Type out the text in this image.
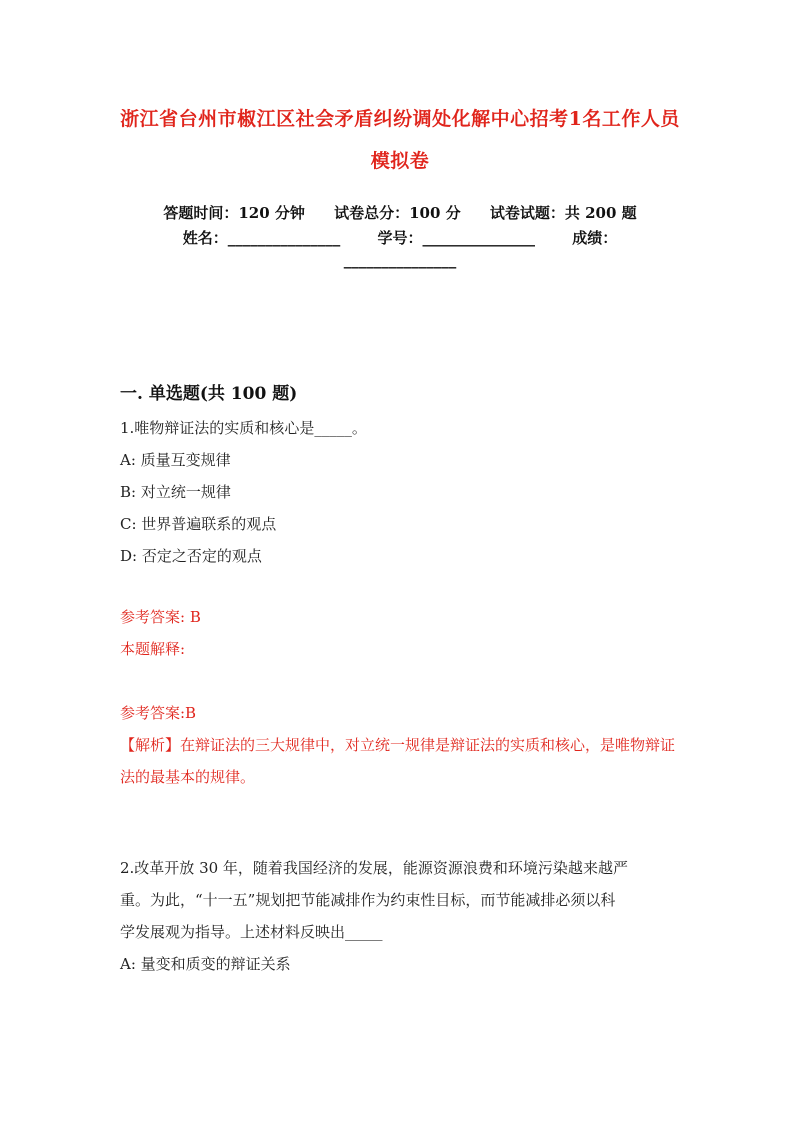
浙江省台州市椒江区社会矛盾纠纷调处化解中心招考1名工作人员
模拟卷
答题时间：120 分钟 试卷总分：100 分 试卷试题：共 200 题
姓名：_______________ 学号：_______________ 成绩：
_______________
一. 单选题(共 100 题)
1.唯物辩证法的实质和核心是_____。
A: 质量互变规律
B: 对立统一规律
C: 世界普遍联系的观点
D: 否定之否定的观点
参考答案: B
本题解释:
参考答案:B
【解析】在辩证法的三大规律中，对立统一规律是辩证法的实质和核心，是唯物辩证法的最基本的规律。
2.改革开放 30 年，随着我国经济的发展，能源资源浪费和环境污染越来越严
重。为此，“十一五”规划把节能减排作为约束性目标，而节能减排必须以科
学发展观为指导。上述材料反映出_____
A: 量变和质变的辩证关系
